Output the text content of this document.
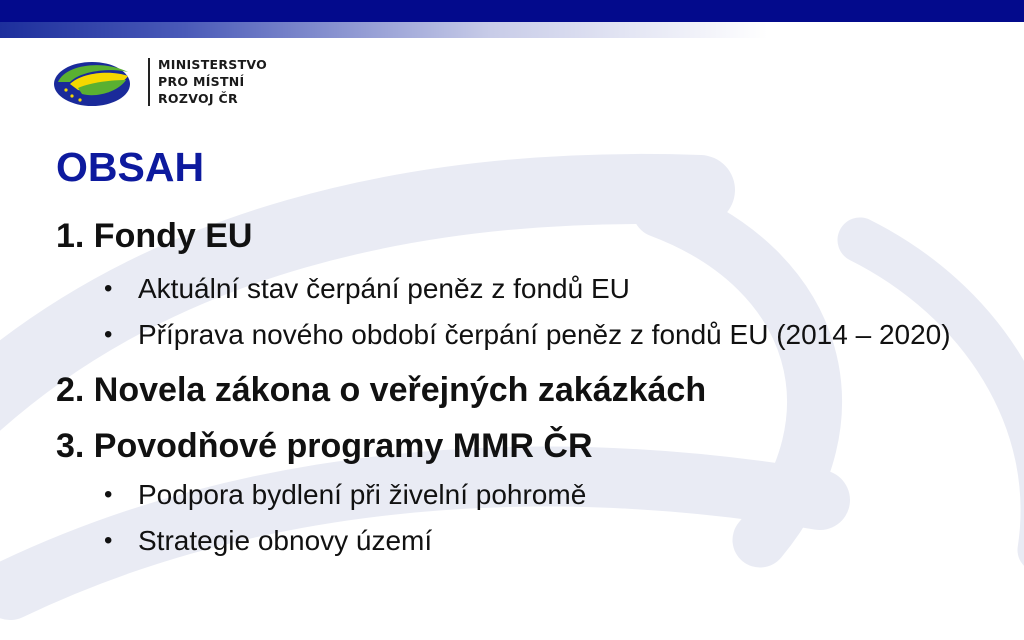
MINISTERSTVO
PRO MÍSTNÍ
ROZVOJ ČR
OBSAH
1. Fondy EU
• Aktuální stav čerpání peněz z fondů EU
• Příprava nového období čerpání peněz z fondů EU (2014 – 2020)
2. Novela zákona o veřejných zakázkách
3. Povodňové programy MMR ČR
• Podpora bydlení při živelní pohromě
• Strategie obnovy území
